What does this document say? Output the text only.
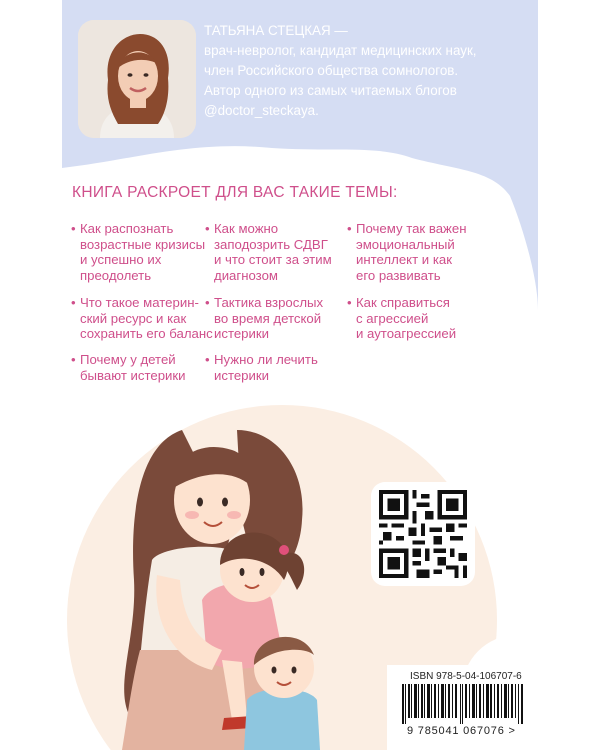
ТАТЬЯНА СТЕЦКАЯ —
врач-невролог, кандидат медицинских наук,
член Российского общества сомнологов.
Автор одного из самых читаемых блогов
@doctor_steckaya.
КНИГА РАСКРОЕТ ДЛЯ ВАС ТАКИЕ ТЕМЫ:
• Как распознать
возрастные кризисы
и успешно их
преодолеть
• Что такое материн-
ский ресурс и как
сохранить его баланс
• Почему у детей
бывают истерики
• Как можно
заподозрить СДВГ
и что стоит за этим
диагнозом
• Тактика взрослых
во время детской
истерики
• Нужно ли лечить
истерики
• Почему так важен
эмоциональный
интеллект и как
его развивать
• Как справиться
с агрессией
и аутоагрессией
ISBN 978-5-04-106707-6
9 785041 067076 >
